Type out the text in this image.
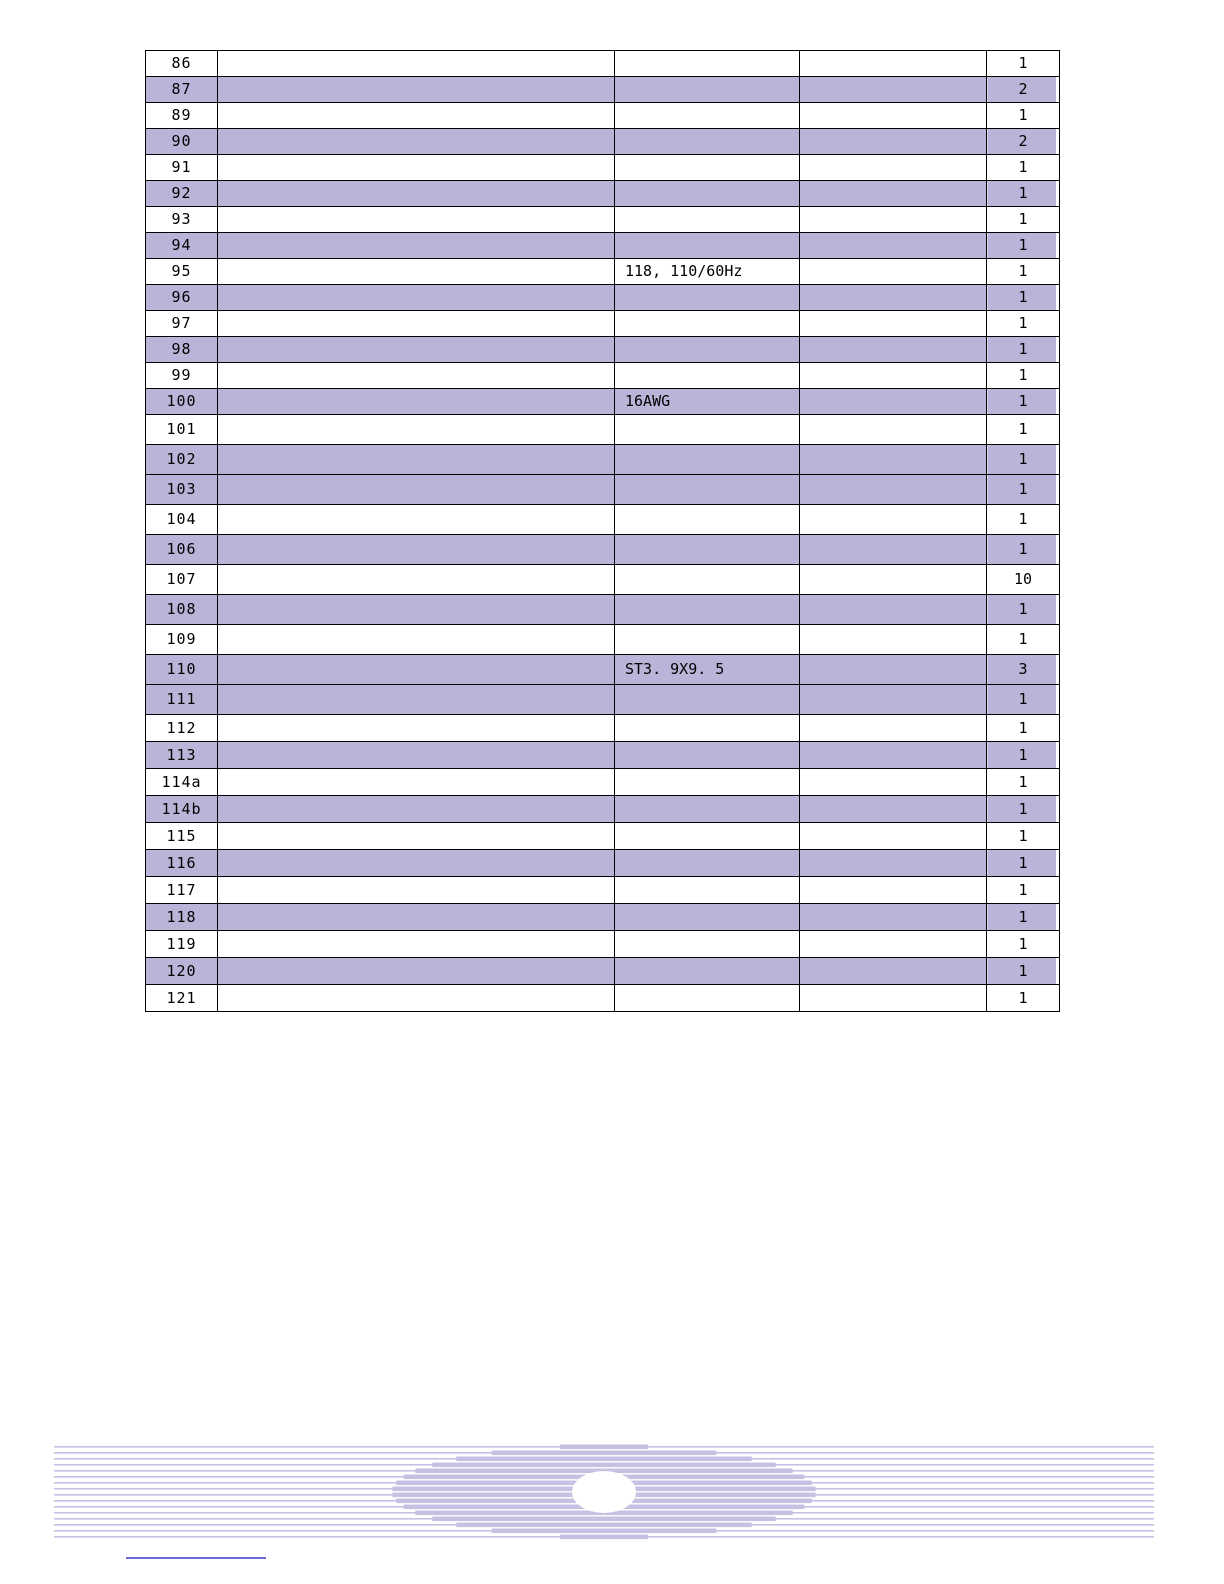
86				1
87				2
89				1
90				2
91				1
92				1
93				1
94				1
95		118, 110/60Hz		1
96				1
97				1
98				1
99				1
100		16AWG		1
101				1
102				1
103				1
104				1
106				1
107				10
108				1
109				1
110		ST3. 9X9. 5		3
111				1
112				1
113				1
114a				1
114b				1
115				1
116				1
117				1
118				1
119				1
120				1
121				1
